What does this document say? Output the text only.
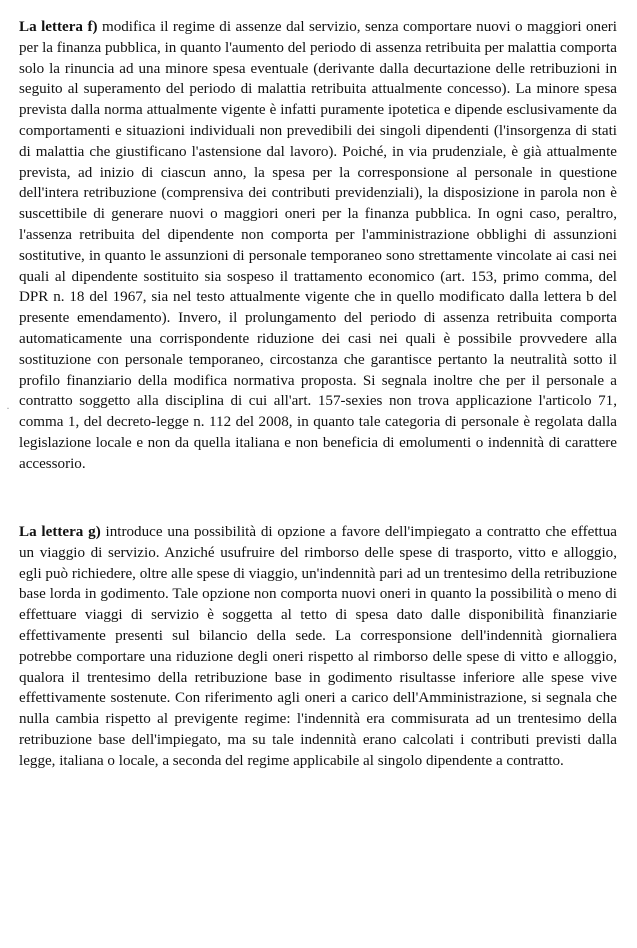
La lettera f) modifica il regime di assenze dal servizio, senza comportare nuovi o maggiori oneri per la finanza pubblica, in quanto l'aumento del periodo di assenza retribuita per malattia comporta solo la rinuncia ad una minore spesa eventuale (derivante dalla decurtazione delle retribuzioni in seguito al superamento del periodo di malattia retribuita attualmente concesso). La minore spesa prevista dalla norma attualmente vigente è infatti puramente ipotetica e dipende esclusivamente da comportamenti e situazioni individuali non prevedibili dei singoli dipendenti (l'insorgenza di stati di malattia che giustificano l'astensione dal lavoro). Poiché, in via prudenziale, è già attualmente prevista, ad inizio di ciascun anno, la spesa per la corresponsione al personale in questione dell'intera retribuzione (comprensiva dei contributi previdenziali), la disposizione in parola non è suscettibile di generare nuovi o maggiori oneri per la finanza pubblica. In ogni caso, peraltro, l'assenza retribuita del dipendente non comporta per l'amministrazione obblighi di assunzioni sostitutive, in quanto le assunzioni di personale temporaneo sono strettamente vincolate ai casi nei quali al dipendente sostituito sia sospeso il trattamento economico (art. 153, primo comma, del DPR n. 18 del 1967, sia nel testo attualmente vigente che in quello modificato dalla lettera b del presente emendamento). Invero, il prolungamento del periodo di assenza retribuita comporta automaticamente una corrispondente riduzione dei casi nei quali è possibile provvedere alla sostituzione con personale temporaneo, circostanza che garantisce pertanto la neutralità sotto il profilo finanziario della modifica normativa proposta. Si segnala inoltre che per il personale a contratto soggetto alla disciplina di cui all'art. 157-sexies non trova applicazione l'articolo 71, comma 1, del decreto-legge n. 112 del 2008, in quanto tale categoria di personale è regolata dalla legislazione locale e non da quella italiana e non beneficia di emolumenti o indennità di carattere accessorio.

La lettera g) introduce una possibilità di opzione a favore dell'impiegato a contratto che effettua un viaggio di servizio. Anziché usufruire del rimborso delle spese di trasporto, vitto e alloggio, egli può richiedere, oltre alle spese di viaggio, un'indennità pari ad un trentesimo della retribuzione base lorda in godimento. Tale opzione non comporta nuovi oneri in quanto la possibilità o meno di effettuare viaggi di servizio è soggetta al tetto di spesa dato dalle disponibilità finanziarie effettivamente presenti sul bilancio della sede. La corresponsione dell'indennità giornaliera potrebbe comportare una riduzione degli oneri rispetto al rimborso delle spese di vitto e alloggio, qualora il trentesimo della retribuzione base in godimento risultasse inferiore alle spese vive effettivamente sostenute. Con riferimento agli oneri a carico dell'Amministrazione, si segnala che nulla cambia rispetto al previgente regime: l'indennità era commisurata ad un trentesimo della retribuzione base dell'impiegato, ma su tale indennità erano calcolati i contributi previsti dalla legge, italiana o locale, a seconda del regime applicabile al singolo dipendente a contratto.

·
